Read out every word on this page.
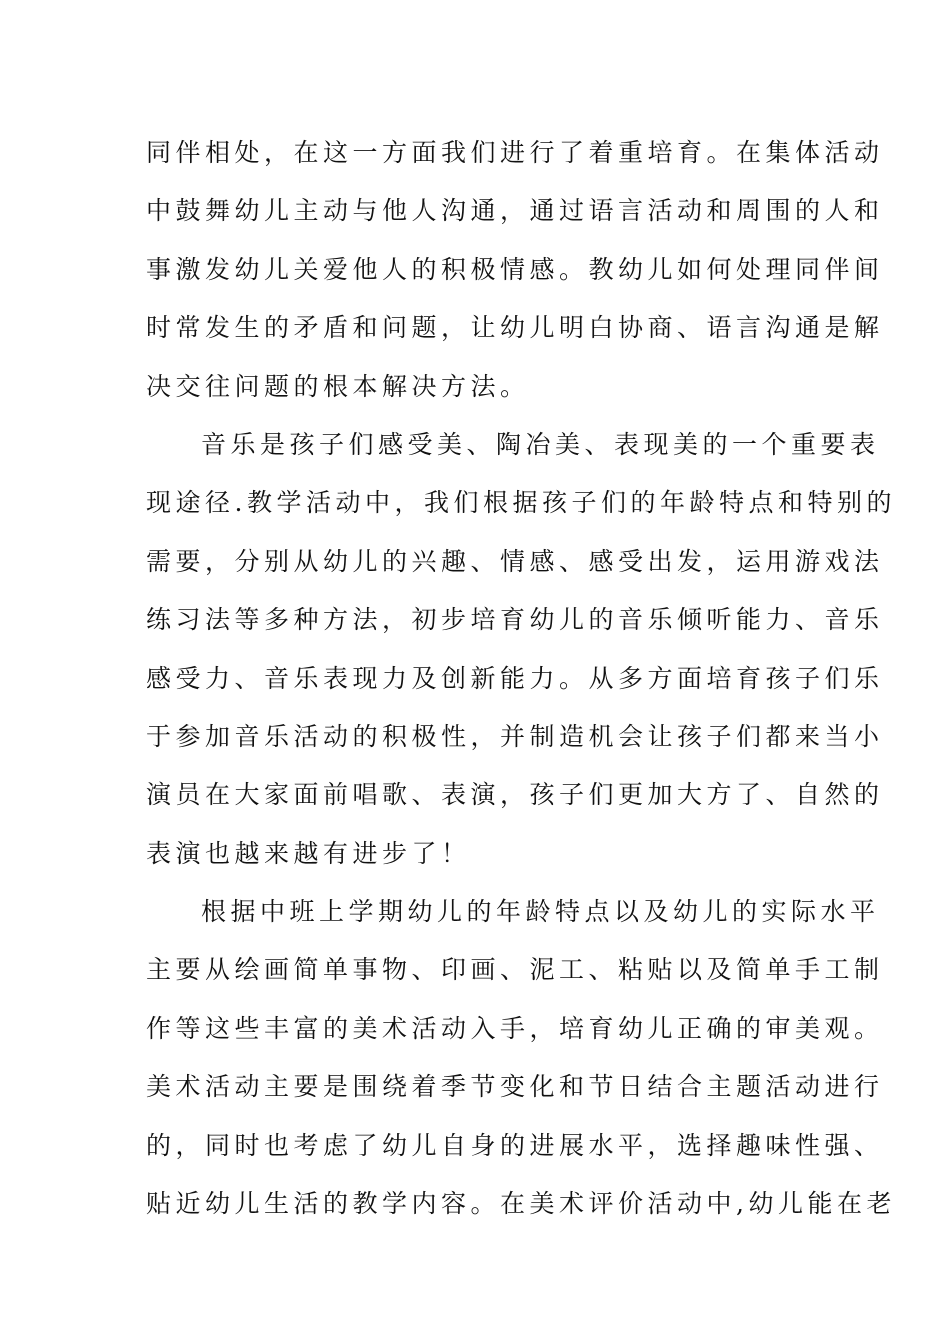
同伴相处，在这一方面我们进行了着重培育。在集体活动
中鼓舞幼儿主动与他人沟通，通过语言活动和周围的人和
事激发幼儿关爱他人的积极情感。教幼儿如何处理同伴间
时常发生的矛盾和问题，让幼儿明白协商、语言沟通是解
决交往问题的根本解决方法。
音乐是孩子们感受美、陶冶美、表现美的一个重要表
现途径.教学活动中，我们根据孩子们的年龄特点和特别的
需要，分别从幼儿的兴趣、情感、感受出发，运用游戏法
练习法等多种方法，初步培育幼儿的音乐倾听能力、音乐
感受力、音乐表现力及创新能力。从多方面培育孩子们乐
于参加音乐活动的积极性，并制造机会让孩子们都来当小
演员在大家面前唱歌、表演，孩子们更加大方了、自然的
表演也越来越有进步了！
根据中班上学期幼儿的年龄特点以及幼儿的实际水平
主要从绘画简单事物、印画、泥工、粘贴以及简单手工制
作等这些丰富的美术活动入手，培育幼儿正确的审美观。
美术活动主要是围绕着季节变化和节日结合主题活动进行
的，同时也考虑了幼儿自身的进展水平，选择趣味性强、
贴近幼儿生活的教学内容。在美术评价活动中,幼儿能在老
